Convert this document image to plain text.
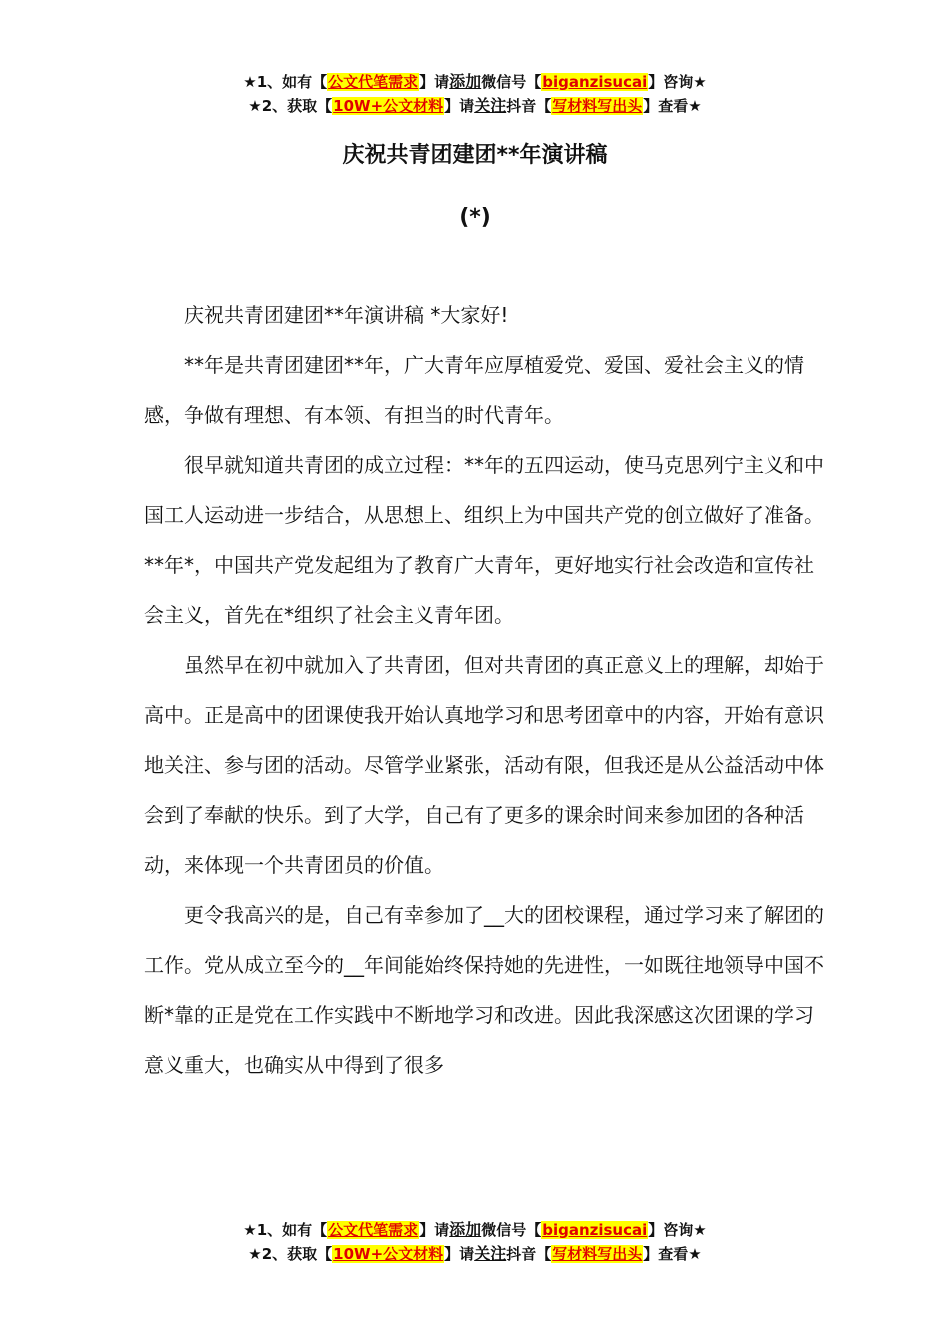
★1、如有【公文代笔需求】请添加微信号【biganzisucai】咨询★
★2、获取【10W+公文材料】请关注抖音【写材料写出头】查看★
庆祝共青团建团**年演讲稿
(*)

庆祝共青团建团**年演讲稿 *大家好!

**年是共青团建团**年，广大青年应厚植爱党、爱国、爱社会主义的情感，争做有理想、有本领、有担当的时代青年。

很早就知道共青团的成立过程：**年的五四运动，使马克思列宁主义和中国工人运动进一步结合，从思想上、组织上为中国共产党的创立做好了准备。**年*，中国共产党发起组为了教育广大青年，更好地实行社会改造和宣传社会主义，首先在*组织了社会主义青年团。

虽然早在初中就加入了共青团，但对共青团的真正意义上的理解，却始于高中。正是高中的团课使我开始认真地学习和思考团章中的内容，开始有意识地关注、参与团的活动。尽管学业紧张，活动有限，但我还是从公益活动中体会到了奉献的快乐。到了大学，自己有了更多的课余时间来参加团的各种活动，来体现一个共青团员的价值。

更令我高兴的是，自己有幸参加了__大的团校课程，通过学习来了解团的工作。党从成立至今的__年间能始终保持她的先进性，一如既往地领导中国不断*靠的正是党在工作实践中不断地学习和改进。因此我深感这次团课的学习意义重大，也确实从中得到了很多

★1、如有【公文代笔需求】请添加微信号【biganzisucai】咨询★
★2、获取【10W+公文材料】请关注抖音【写材料写出头】查看★
